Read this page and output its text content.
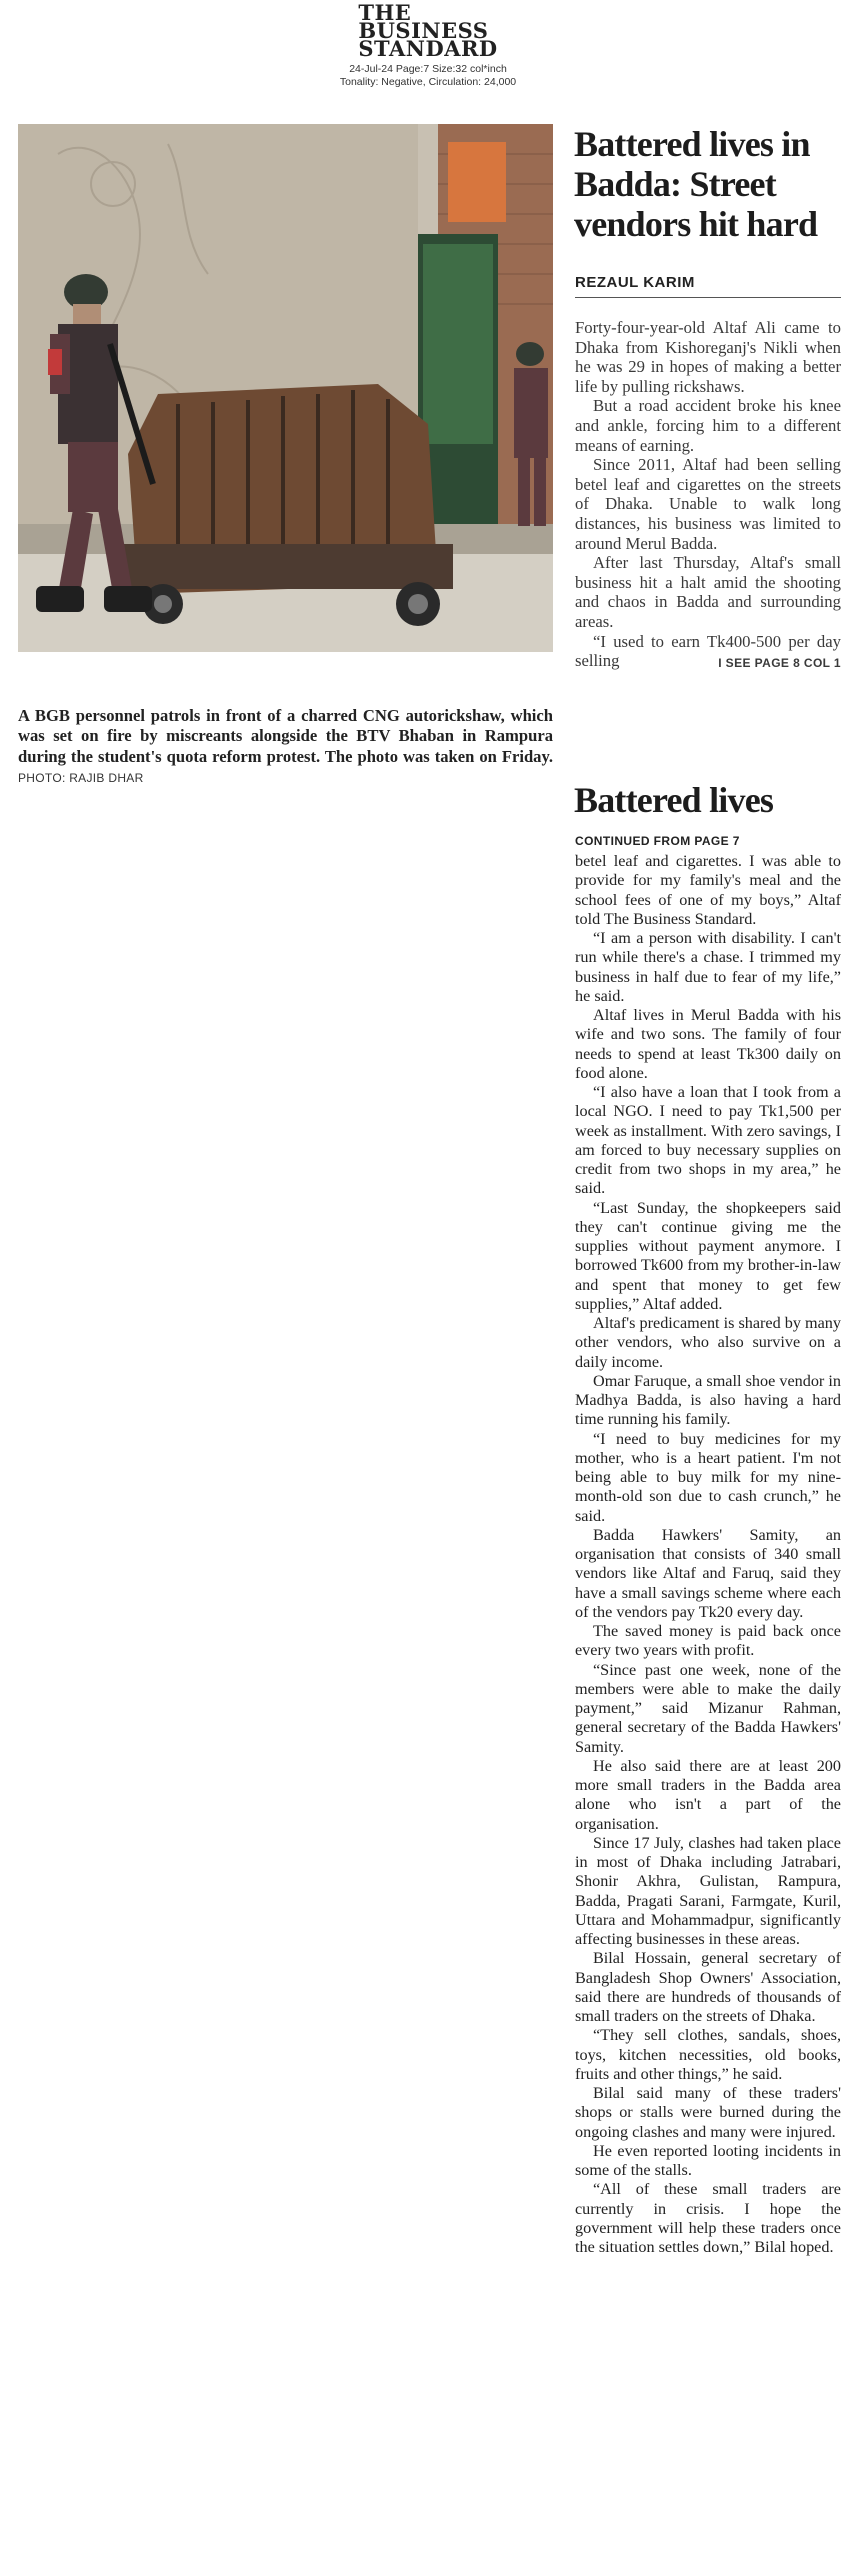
THE
BUSINESS
STANDARD
24-Jul-24 Page:7 Size:32 col*inch
Tonality: Negative, Circulation: 24,000
A BGB personnel patrols in front of a charred CNG autorickshaw, which was set on fire by miscreants alongside the BTV Bhaban in Rampura during the student's quota reform protest. The photo was taken on Friday. PHOTO: RAJIB DHAR
Battered lives in Badda: Street vendors hit hard
REZAUL KARIM

Forty-four-year-old Altaf Ali came to Dhaka from Kishoreganj's Nikli when he was 29 in hopes of making a better life by pulling rickshaws.

But a road accident broke his knee and ankle, forcing him to a different means of earning.

Since 2011, Altaf had been selling betel leaf and cigarettes on the streets of Dhaka. Unable to walk long distances, his business was limited to around Merul Badda.

After last Thursday, Altaf's small business hit a halt amid the shooting and chaos in Badda and surrounding areas.

“I used to earn Tk400-500 per day selling	I SEE PAGE 8 COL 1

Battered lives
CONTINUED FROM PAGE 7

betel leaf and cigarettes. I was able to provide for my family's meal and the school fees of one of my boys,” Altaf told The Business Standard.

“I am a person with disability. I can't run while there's a chase. I trimmed my business in half due to fear of my life,” he said.

Altaf lives in Merul Badda with his wife and two sons. The family of four needs to spend at least Tk300 daily on food alone.

“I also have a loan that I took from a local NGO. I need to pay Tk1,500 per week as installment. With zero savings, I am forced to buy necessary supplies on credit from two shops in my area,” he said.

“Last Sunday, the shopkeepers said they can't continue giving me the supplies without payment anymore. I borrowed Tk600 from my brother-in-law and spent that money to get few supplies,” Altaf added.

Altaf's predicament is shared by many other vendors, who also survive on a daily income.

Omar Faruque, a small shoe vendor in Madhya Badda, is also having a hard time running his family.

“I need to buy medicines for my mother, who is a heart patient. I'm not being able to buy milk for my nine-month-old son due to cash crunch,” he said.

Badda Hawkers' Samity, an organisation that consists of 340 small vendors like Altaf and Faruq, said they have a small savings scheme where each of the vendors pay Tk20 every day.

The saved money is paid back once every two years with profit.

“Since past one week, none of the members were able to make the daily payment,” said Mizanur Rahman, general secretary of the Badda Hawkers' Samity.

He also said there are at least 200 more small traders in the Badda area alone who isn't a part of the organisation.

Since 17 July, clashes had taken place in most of Dhaka including Jatrabari, Shonir Akhra, Gulistan, Rampura, Badda, Pragati Sarani, Farmgate, Kuril, Uttara and Mohammadpur, significantly affecting businesses in these areas.

Bilal Hossain, general secretary of Bangladesh Shop Owners' Association, said there are hundreds of thousands of small traders on the streets of Dhaka.

“They sell clothes, sandals, shoes, toys, kitchen necessities, old books, fruits and other things,” he said.

Bilal said many of these traders' shops or stalls were burned during the ongoing clashes and many were injured.

He even reported looting incidents in some of the stalls.

“All of these small traders are currently in crisis. I hope the government will help these traders once the situation settles down,” Bilal hoped.
